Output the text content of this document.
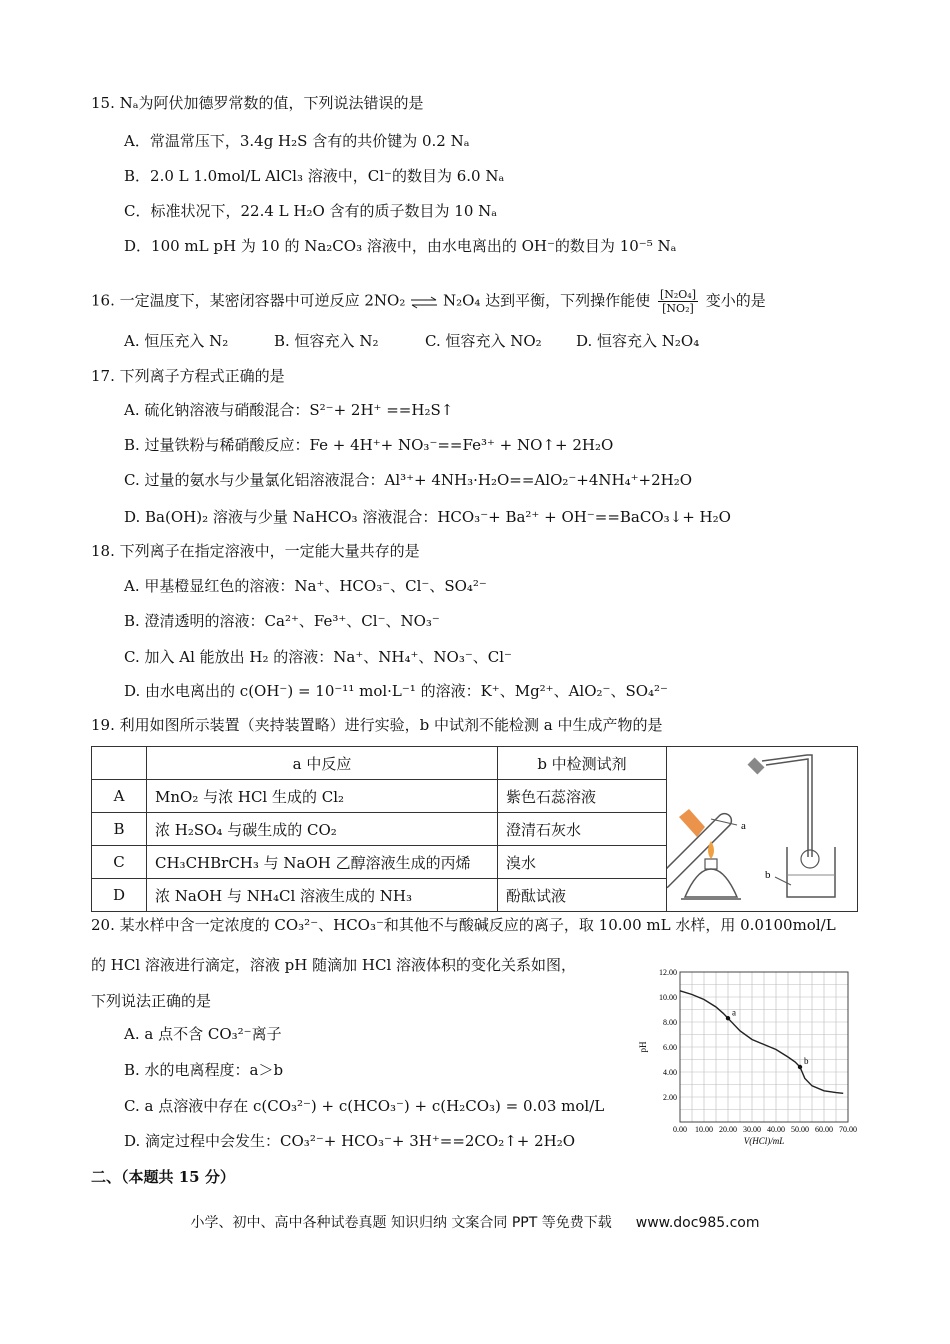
15. Nₐ为阿伏加德罗常数的值，下列说法错误的是
A．常温常压下，3.4g H₂S 含有的共价键为 0.2 Nₐ
B．2.0 L 1.0mol/L AlCl₃ 溶液中，Cl⁻的数目为 6.0 Nₐ
C．标准状况下，22.4 L H₂O 含有的质子数目为 10 Nₐ
D．100 mL pH 为 10 的 Na₂CO₃ 溶液中，由水电离出的 OH⁻的数目为 10⁻⁵ Nₐ
16. 一定温度下，某密闭容器中可逆反应 2NO₂ ⇌ N₂O₄ 达到平衡，下列操作能使 $\frac{\text{[N₂O₄]}}{\text{[NO₂]}}$ 变小的是
A. 恒压充入 N₂	B. 恒容充入 N₂	C. 恒容充入 NO₂ D. 恒容充入 N₂O₄
17. 下列离子方程式正确的是
A. 硫化钠溶液与硝酸混合：S²⁻+ 2H⁺ ==H₂S↑
B. 过量铁粉与稀硝酸反应：Fe + 4H⁺+ NO₃⁻==Fe³⁺ + NO↑+ 2H₂O
C. 过量的氨水与少量氯化铝溶液混合：Al³⁺+ 4NH₃·H₂O==AlO₂⁻+4NH₄⁺+2H₂O
D. Ba(OH)₂ 溶液与少量 NaHCO₃ 溶液混合：HCO₃⁻+ Ba²⁺ + OH⁻==BaCO₃↓+ H₂O
18. 下列离子在指定溶液中，一定能大量共存的是
A. 甲基橙显红色的溶液：Na⁺、HCO₃⁻、Cl⁻、SO₄²⁻
B. 澄清透明的溶液：Ca²⁺、Fe³⁺、Cl⁻、NO₃⁻
C. 加入 Al 能放出 H₂ 的溶液：Na⁺、NH₄⁺、NO₃⁻、Cl⁻
D. 由水电离出的 c(OH⁻) = 10⁻¹¹ mol·L⁻¹ 的溶液：K⁺、Mg²⁺、AlO₂⁻、SO₄²⁻
19. 利用如图所示装置（夹持装置略）进行实验，b 中试剂不能检测 a 中生成产物的是
	a 中反应	b 中检测试剂	a
b

A	MnO₂ 与浓 HCl 生成的 Cl₂	紫色石蕊溶液	
B	浓 H₂SO₄ 与碳生成的 CO₂	澄清石灰水	
C	CH₃CHBrCH₃ 与 NaOH 乙醇溶液生成的丙烯	溴水	
D	浓 NaOH 与 NH₄Cl 溶液生成的 NH₃	酚酞试液	
20. 某水样中含一定浓度的 CO₃²⁻、HCO₃⁻和其他不与酸碱反应的离子，取 10.00 mL 水样，用 0.0100mol/L
的 HCl 溶液进行滴定，溶液 pH 随滴加 HCl 溶液体积的变化关系如图，
下列说法正确的是
A. a 点不含 CO₃²⁻离子
B. 水的电离程度：a＞b
C. a 点溶液中存在 c(CO₃²⁻) + c(HCO₃⁻) + c(H₂CO₃) = 0.03 mol/L
D. 滴定过程中会发生：CO₃²⁻+ HCO₃⁻+ 3H⁺==2CO₂↑+ 2H₂O
0.00 10.00 20.00 30.00 40.00 50.00 60.00 70.00
2.00
4.00
6.00
8.00
10.00
12.00
V(HCl)/mL
pH
a
b
二、（本题共 15 分）
小学、初中、高中各种试卷真题 知识归纳 文案合同 PPT 等免费下载 www.doc985.com
